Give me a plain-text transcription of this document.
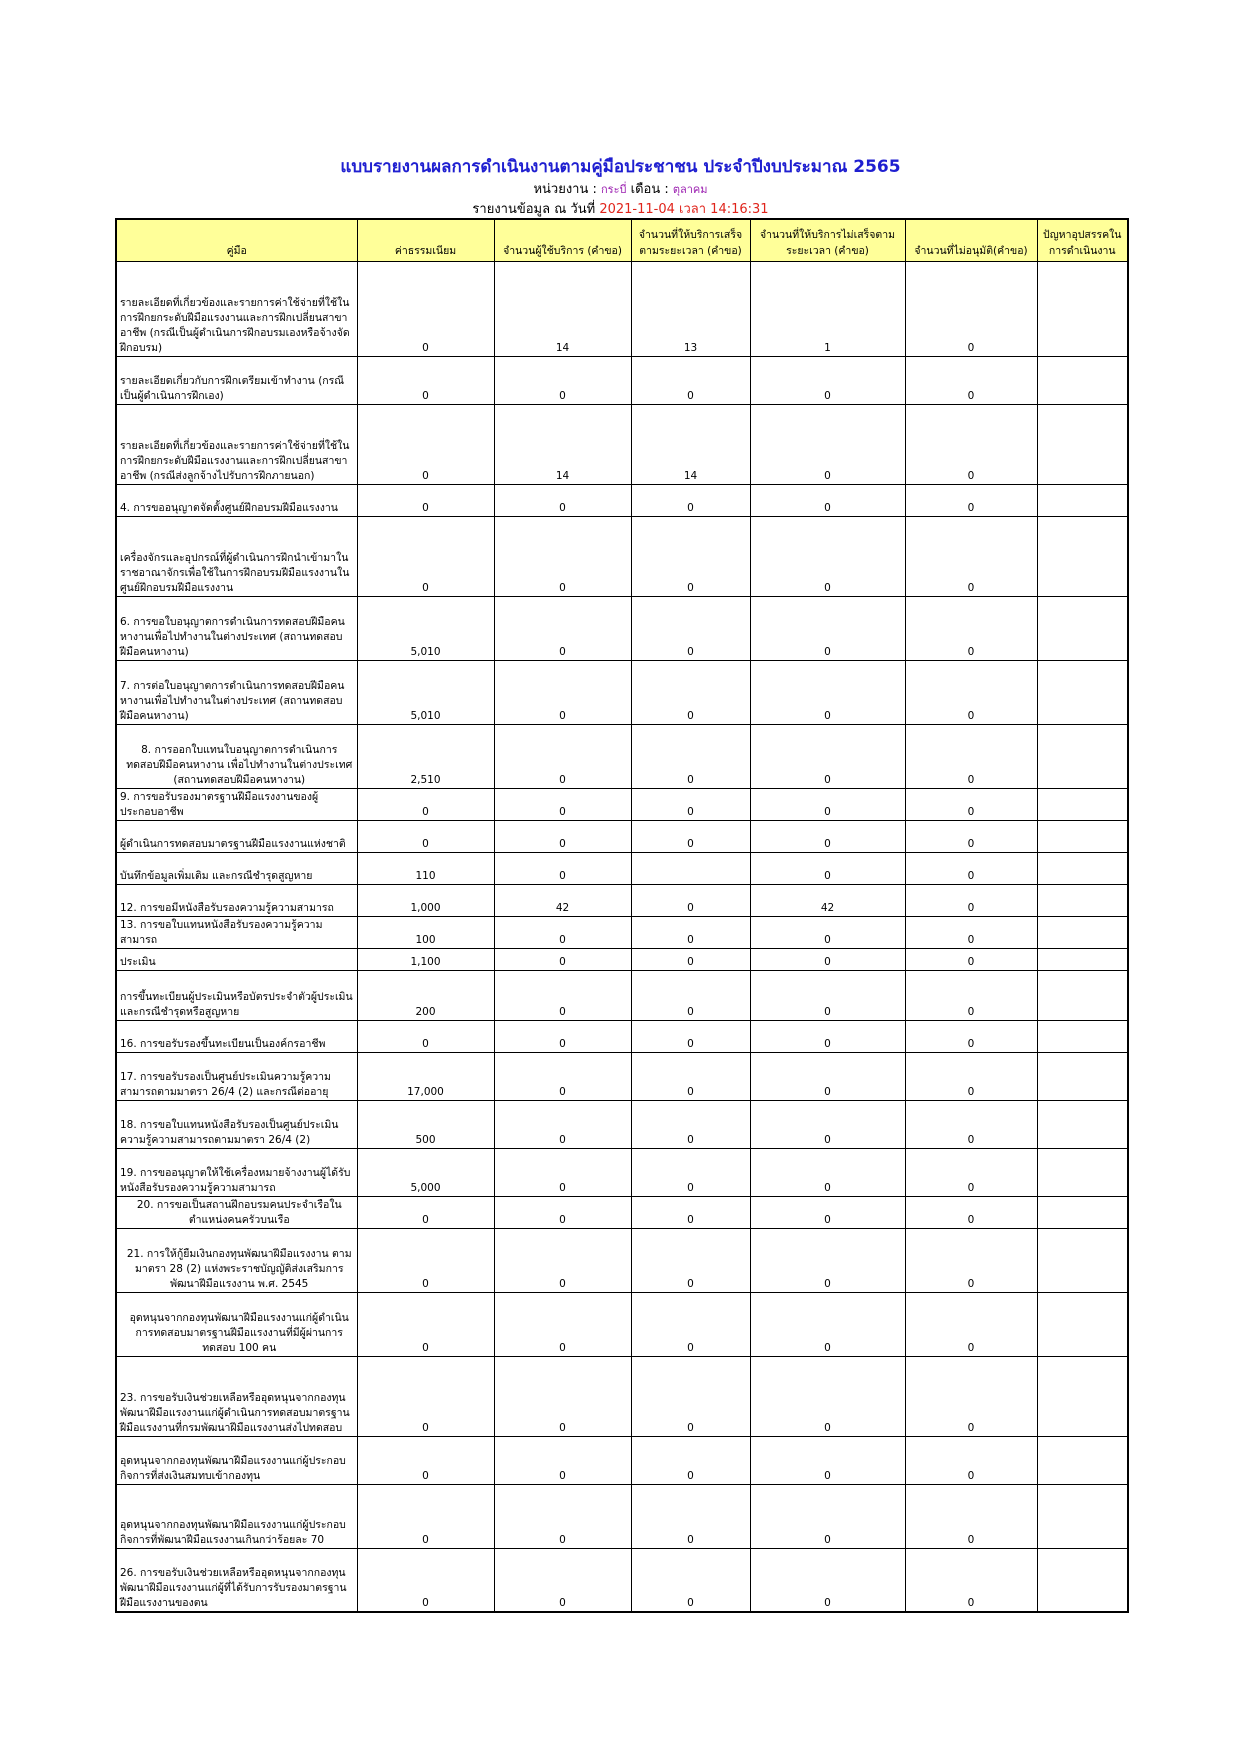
แบบรายงานผลการดำเนินงานตามคู่มือประชาชน ประจำปีงบประมาณ 2565
หน่วยงาน : กระบี่ เดือน : ตุลาคม
รายงานข้อมูล ณ วันที่ 2021-11-04 เวลา 14:16:31
คู่มือ	ค่าธรรมเนียม	จำนวนผู้ใช้บริการ (คำขอ)	จำนวนที่ให้บริการเสร็จตามระยะเวลา (คำขอ)	จำนวนที่ให้บริการไม่เสร็จตามระยะเวลา (คำขอ)	จำนวนที่ไม่อนุมัติ(คำขอ)	ปัญหาอุปสรรคในการดำเนินงาน
รายละเอียดที่เกี่ยวข้องและรายการค่าใช้จ่ายที่ใช้ในการฝึกยกระดับฝีมือแรงงานและการฝึกเปลี่ยนสาขาอาชีพ (กรณีเป็นผู้ดำเนินการฝึกอบรมเองหรือจ้างจัดฝึกอบรม)	0	14	13	1	0	
รายละเอียดเกี่ยวกับการฝึกเตรียมเข้าทำงาน (กรณีเป็นผู้ดำเนินการฝึกเอง)	0	0	0	0	0	
รายละเอียดที่เกี่ยวข้องและรายการค่าใช้จ่ายที่ใช้ในการฝึกยกระดับฝีมือแรงงานและการฝึกเปลี่ยนสาขาอาชีพ (กรณีส่งลูกจ้างไปรับการฝึกภายนอก)	0	14	14	0	0	
4. การขออนุญาตจัดตั้งศูนย์ฝึกอบรมฝีมือแรงงาน	0	0	0	0	0	
เครื่องจักรและอุปกรณ์ที่ผู้ดำเนินการฝึกนำเข้ามาในราชอาณาจักรเพื่อใช้ในการฝึกอบรมฝีมือแรงงานในศูนย์ฝึกอบรมฝีมือแรงงาน	0	0	0	0	0	
6. การขอใบอนุญาตการดำเนินการทดสอบฝีมือคนหางานเพื่อไปทำงานในต่างประเทศ (สถานทดสอบฝีมือคนหางาน)	5,010	0	0	0	0	
7. การต่อใบอนุญาตการดำเนินการทดสอบฝีมือคนหางานเพื่อไปทำงานในต่างประเทศ (สถานทดสอบฝีมือคนหางาน)	5,010	0	0	0	0	
8. การออกใบแทนใบอนุญาตการดำเนินการทดสอบฝีมือคนหางาน เพื่อไปทำงานในต่างประเทศ (สถานทดสอบฝีมือคนหางาน)	2,510	0	0	0	0	
9. การขอรับรองมาตรฐานฝีมือแรงงานของผู้ประกอบอาชีพ	0	0	0	0	0	
ผู้ดำเนินการทดสอบมาตรฐานฝีมือแรงงานแห่งชาติ	0	0	0	0	0	
บันทึกข้อมูลเพิ่มเติม และกรณีชำรุดสูญหาย	110	0		0	0	
12. การขอมีหนังสือรับรองความรู้ความสามารถ	1,000	42	0	42	0	
13. การขอใบแทนหนังสือรับรองความรู้ความสามารถ	100	0	0	0	0	
ประเมิน	1,100	0	0	0	0	
การขึ้นทะเบียนผู้ประเมินหรือบัตรประจำตัวผู้ประเมิน และกรณีชำรุดหรือสูญหาย	200	0	0	0	0	
16. การขอรับรองขึ้นทะเบียนเป็นองค์กรอาชีพ	0	0	0	0	0	
17. การขอรับรองเป็นศูนย์ประเมินความรู้ความสามารถตามมาตรา 26/4 (2) และกรณีต่ออายุ	17,000	0	0	0	0	
18. การขอใบแทนหนังสือรับรองเป็นศูนย์ประเมินความรู้ความสามารถตามมาตรา 26/4 (2)	500	0	0	0	0	
19. การขออนุญาตให้ใช้เครื่องหมายจ้างงานผู้ได้รับหนังสือรับรองความรู้ความสามารถ	5,000	0	0	0	0	
20. การขอเป็นสถานฝึกอบรมคนประจำเรือในตำแหน่งคนครัวบนเรือ	0	0	0	0	0	
21. การให้กู้ยืมเงินกองทุนพัฒนาฝีมือแรงงาน ตามมาตรา 28 (2) แห่งพระราชบัญญัติส่งเสริมการพัฒนาฝีมือแรงงาน พ.ศ. 2545	0	0	0	0	0	
อุดหนุนจากกองทุนพัฒนาฝีมือแรงงานแก่ผู้ดำเนินการทดสอบมาตรฐานฝีมือแรงงานที่มีผู้ผ่านการทดสอบ 100 คน	0	0	0	0	0	
23. การขอรับเงินช่วยเหลือหรืออุดหนุนจากกองทุนพัฒนาฝีมือแรงงานแก่ผู้ดำเนินการทดสอบมาตรฐานฝีมือแรงงานที่กรมพัฒนาฝีมือแรงงานส่งไปทดสอบ	0	0	0	0	0	
อุดหนุนจากกองทุนพัฒนาฝีมือแรงงานแก่ผู้ประกอบกิจการที่ส่งเงินสมทบเข้ากองทุน	0	0	0	0	0	
อุดหนุนจากกองทุนพัฒนาฝีมือแรงงานแก่ผู้ประกอบกิจการที่พัฒนาฝีมือแรงงานเกินกว่าร้อยละ 70	0	0	0	0	0	
26. การขอรับเงินช่วยเหลือหรืออุดหนุนจากกองทุนพัฒนาฝีมือแรงงานแก่ผู้ที่ได้รับการรับรองมาตรฐานฝีมือแรงงานของตน	0	0	0	0	0	
